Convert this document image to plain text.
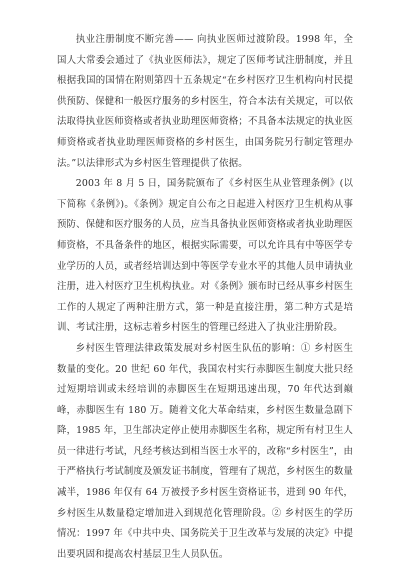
执业注册制度不断完善—— 向执业医师过渡阶段。1998 年，全国人大常委会通过了《执业医师法》，规定了医师考试注册制度，并且根据我国的国情在附则第四十五条规定“在乡村医疗卫生机构向村民提供预防、保健和一般医疗服务的乡村医生，符合本法有关规定，可以依法取得执业医师资格或者执业助理医师资格；不具备本法规定的执业医师资格或者执业助理医师资格的乡村医生，由国务院另行制定管理办法。”以法律形式为乡村医生管理提供了依据。

2003 年 8 月 5 日，国务院颁布了《乡村医生从业管理条例》(以下简称《条例》)。《条例》规定自公布之日起进入村医疗卫生机构从事预防、保健和医疗服务的人员，应当具备执业医师资格或者执业助理医师资格，不具备条件的地区，根据实际需要，可以允许具有中等医学专业学历的人员，或者经培训达到中等医学专业水平的其他人员申请执业注册，进入村医疗卫生机构执业。对《条例》颁布时已经从事乡村医生工作的人规定了两种注册方式，第一种是直接注册，第二种方式是培训、考试注册，这标志着乡村医生的管理已经进入了执业注册阶段。

乡村医生管理法律政策发展对乡村医生队伍的影响：① 乡村医生数量的变化。20 世纪 60 年代，我国农村实行赤脚医生制度大批只经过短期培训或未经培训的赤脚医生在短期迅速出现，70 年代达到巅峰，赤脚医生有 180 万。随着文化大革命结束，乡村医生数量急剧下降，1985 年，卫生部决定停止使用赤脚医生名称，规定所有村卫生人员一律进行考试，凡经考核达到相当医士水平的，改称“乡村医生”，由于严格执行考试制度及颁发证书制度，管理有了规范，乡村医生的数量减半，1986 年仅有 64 万被授予乡村医生资格证书，进到 90 年代，乡村医生从数量稳定增加进入到规范化管理阶段。② 乡村医生的学历情况：1997 年《中共中央、国务院关于卫生改革与发展的决定》中提出要巩固和提高农村基层卫生人员队伍。
